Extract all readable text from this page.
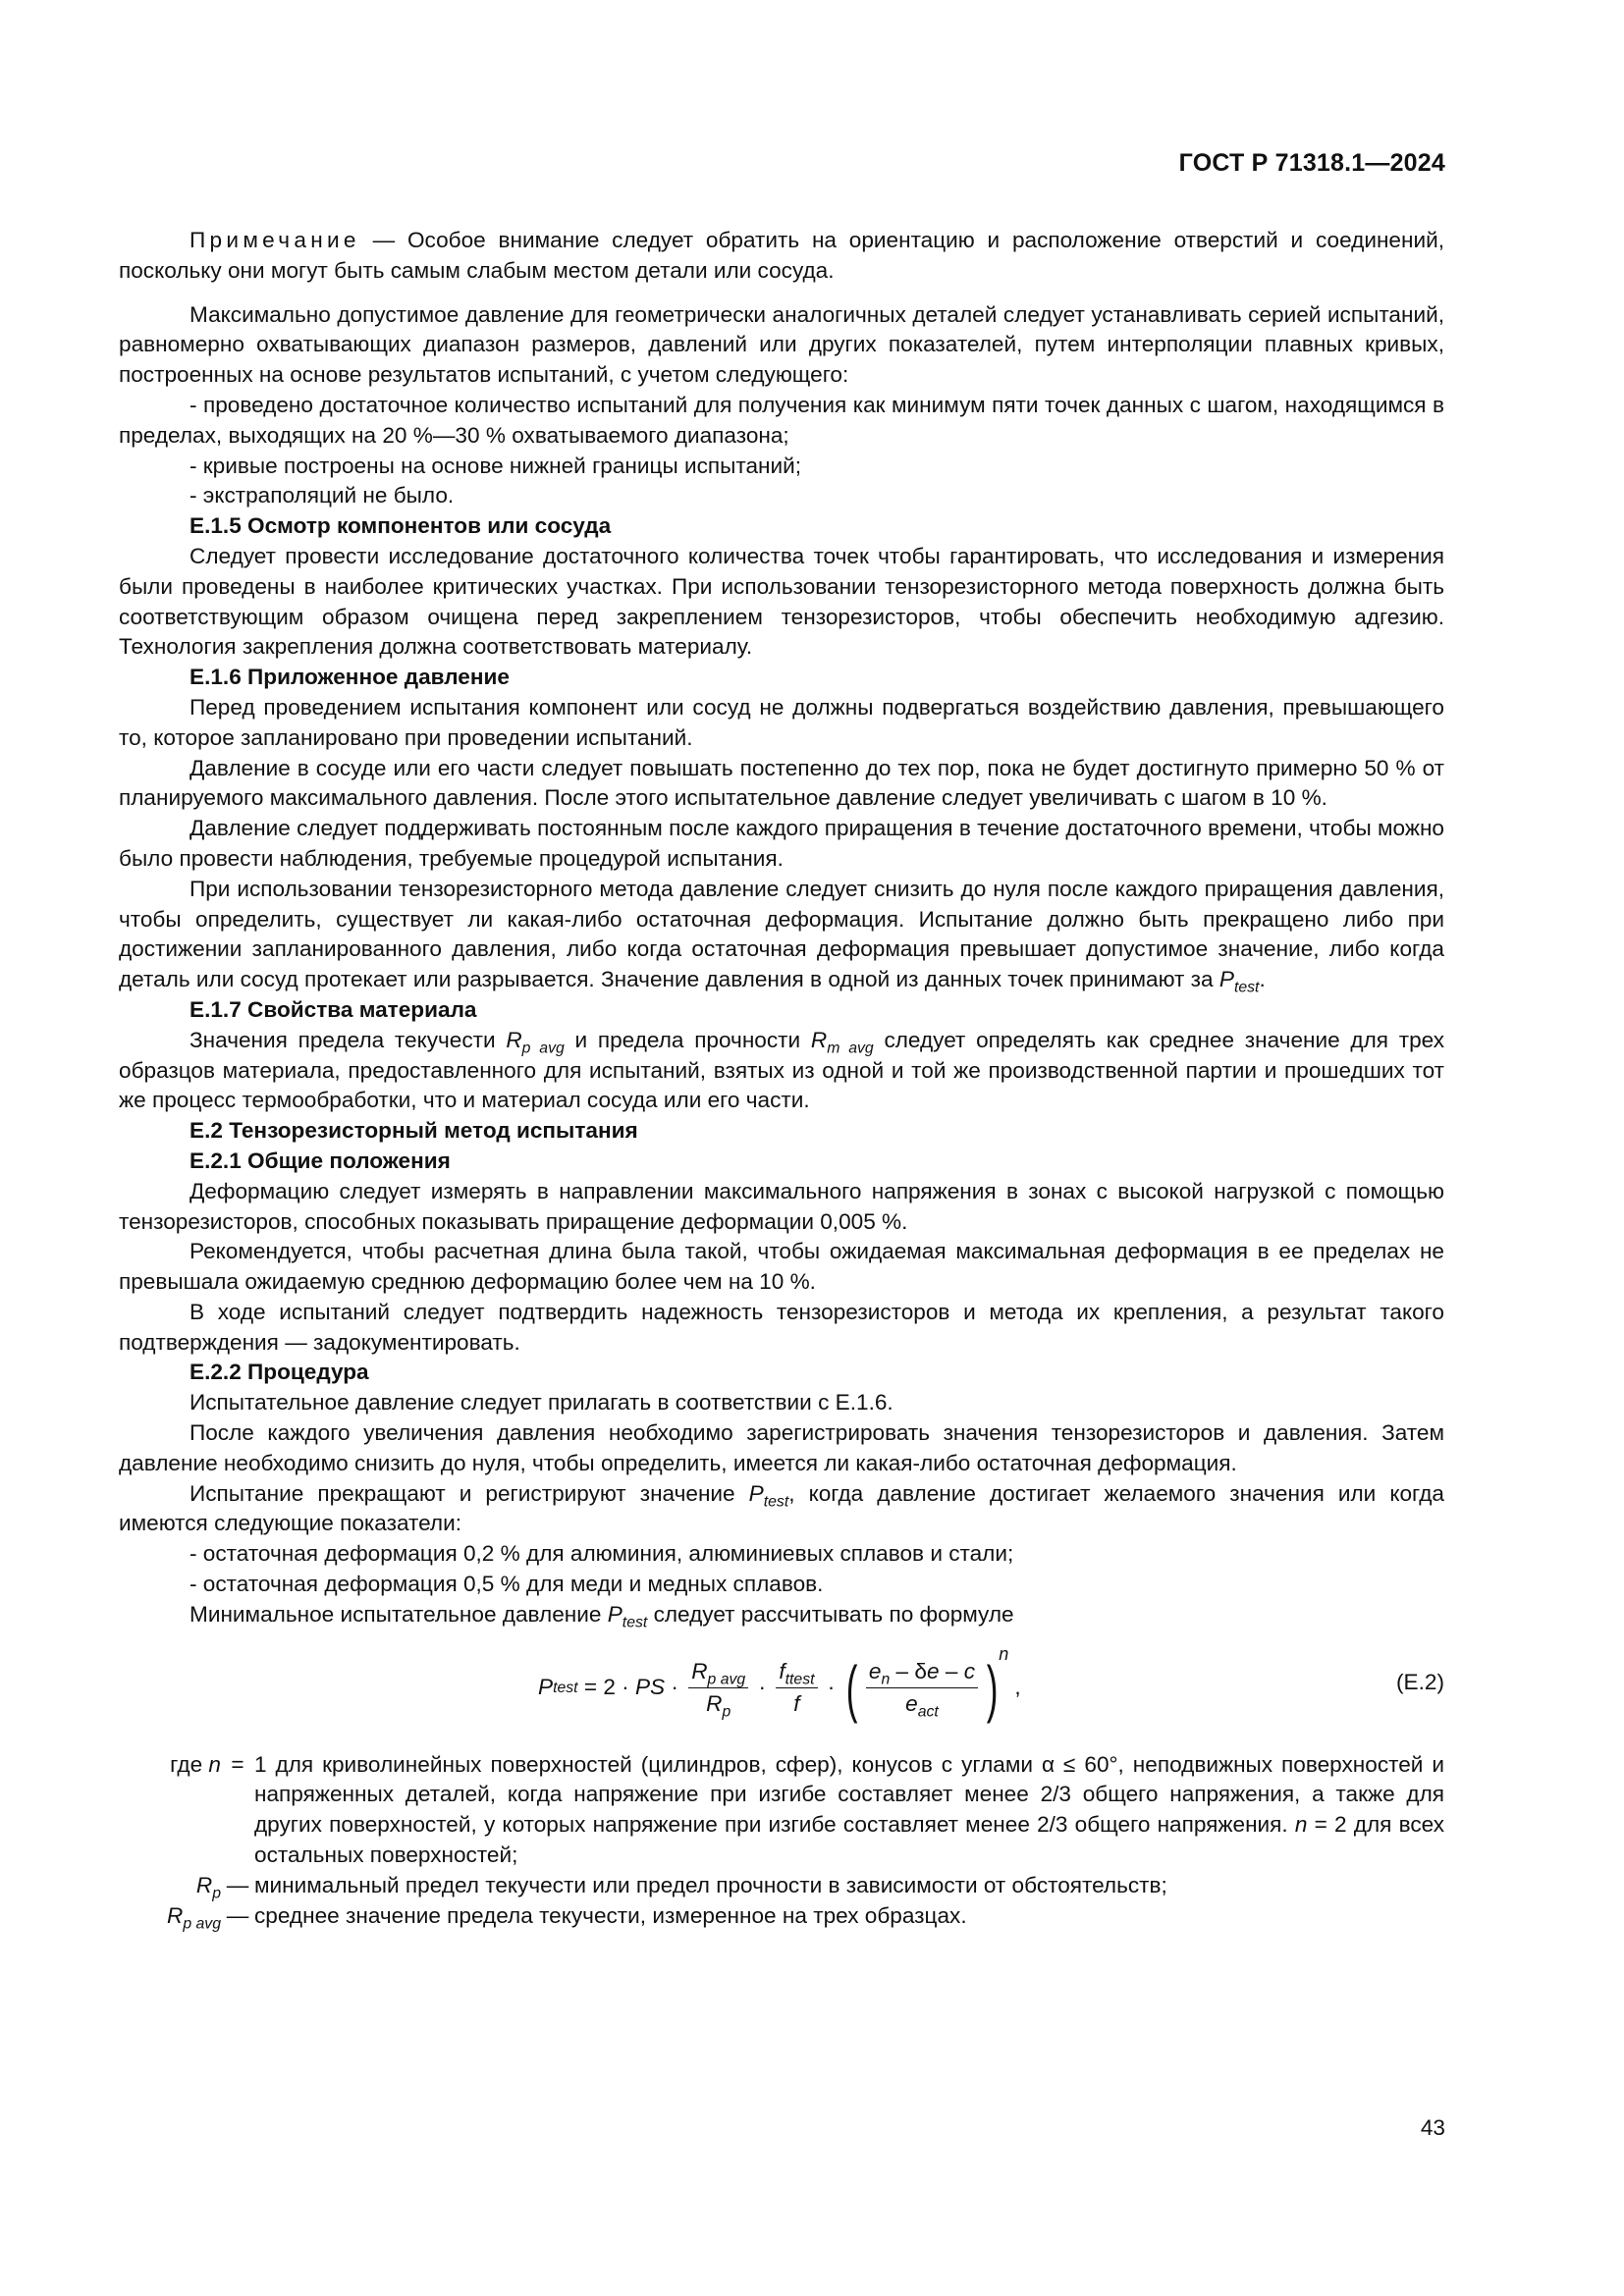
ГОСТ Р 71318.1—2024

Примечание — Особое внимание следует обратить на ориентацию и расположение отверстий и соединений, поскольку они могут быть самым слабым местом детали или сосуда.

Максимально допустимое давление для геометрически аналогичных деталей следует устанавливать серией испытаний, равномерно охватывающих диапазон размеров, давлений или других показателей, путем интерполяции плавных кривых, построенных на основе результатов испытаний, с учетом следующего:

- проведено достаточное количество испытаний для получения как минимум пяти точек данных с шагом, находящимся в пределах, выходящих на 20 %—30 % охватываемого диапазона;

- кривые построены на основе нижней границы испытаний;

- экстраполяций не было.

Е.1.5 Осмотр компонентов или сосуда

Следует провести исследование достаточного количества точек чтобы гарантировать, что исследования и измерения были проведены в наиболее критических участках. При использовании тензорезисторного метода поверхность должна быть соответствующим образом очищена перед закреплением тензорезисторов, чтобы обеспечить необходимую адгезию. Технология закрепления должна соответствовать материалу.

Е.1.6 Приложенное давление

Перед проведением испытания компонент или сосуд не должны подвергаться воздействию давления, превышающего то, которое запланировано при проведении испытаний.

Давление в сосуде или его части следует повышать постепенно до тех пор, пока не будет достигнуто примерно 50 % от планируемого максимального давления. После этого испытательное давление следует увеличивать с шагом в 10 %.

Давление следует поддерживать постоянным после каждого приращения в течение достаточного времени, чтобы можно было провести наблюдения, требуемые процедурой испытания.

При использовании тензорезисторного метода давление следует снизить до нуля после каждого приращения давления, чтобы определить, существует ли какая-либо остаточная деформация. Испытание должно быть прекращено либо при достижении запланированного давления, либо когда остаточная деформация превышает допустимое значение, либо когда деталь или сосуд протекает или разрывается. Значение давления в одной из данных точек принимают за $P_{test}$.

Е.1.7 Свойства материала

Значения предела текучести $R_{p avg}$ и предела прочности $R_{m avg}$ следует определять как среднее значение для трех образцов материала, предоставленного для испытаний, взятых из одной и той же производственной партии и прошедших тот же процесс термообработки, что и материал сосуда или его части.

Е.2 Тензорезисторный метод испытания

Е.2.1 Общие положения

Деформацию следует измерять в направлении максимального напряжения в зонах с высокой нагрузкой с помощью тензорезисторов, способных показывать приращение деформации 0,005 %.

Рекомендуется, чтобы расчетная длина была такой, чтобы ожидаемая максимальная деформация в ее пределах не превышала ожидаемую среднюю деформацию более чем на 10 %.

В ходе испытаний следует подтвердить надежность тензорезисторов и метода их крепления, а результат такого подтверждения — задокументировать.

Е.2.2 Процедура

Испытательное давление следует прилагать в соответствии с Е.1.6.

После каждого увеличения давления необходимо зарегистрировать значения тензорезисторов и давления. Затем давление необходимо снизить до нуля, чтобы определить, имеется ли какая-либо остаточная деформация.

Испытание прекращают и регистрируют значение $P_{test}$, когда давление достигает желаемого значения или когда имеются следующие показатели:

- остаточная деформация 0,2 % для алюминия, алюминиевых сплавов и стали;

- остаточная деформация 0,5 % для меди и медных сплавов.

Минимальное испытательное давление $P_{test}$ следует рассчитывать по формуле

P test = 2 · PS · $\frac{R_{p avg}}{R_p} \cdot \frac{f_{ttest}}{f}$ · ( $\frac{e_n - \delta e - c}{e_{act}}$ ) n
,	(Е.2)
где n = 1 для криволинейных поверхностей (цилиндров, сфер), конусов с углами α ≤ 60°, неподвижных поверхностей и напряженных деталей, когда напряжение при изгибе составляет менее 2/3 общего напряжения, а также для других поверхностей, у которых напряжение при изгибе составляет менее 2/3 общего напряжения. n = 2 для всех остальных поверхностей;
$R_p$ — минимальный предел текучести или предел прочности в зависимости от обстоятельств;
$R_{p avg}$ — среднее значение предела текучести, измеренное на трех образцах.
43
